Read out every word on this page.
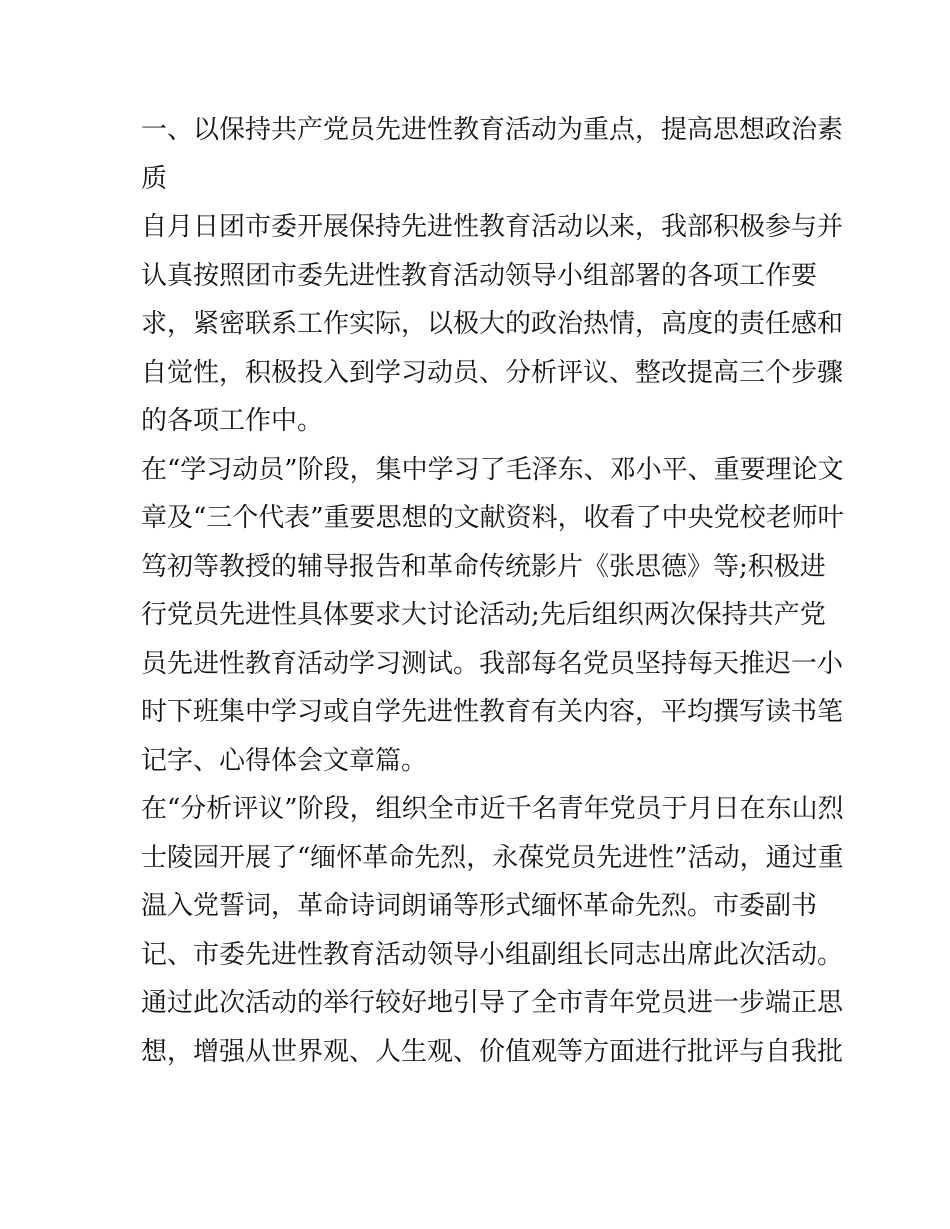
一、以保持共产党员先进性教育活动为重点，提高思想政治素
质
自月日团市委开展保持先进性教育活动以来，我部积极参与并
认真按照团市委先进性教育活动领导小组部署的各项工作要
求，紧密联系工作实际，以极大的政治热情，高度的责任感和
自觉性，积极投入到学习动员、分析评议、整改提高三个步骤
的各项工作中。
在“学习动员”阶段，集中学习了毛泽东、邓小平、重要理论文
章及“三个代表”重要思想的文献资料，收看了中央党校老师叶
笃初等教授的辅导报告和革命传统影片《张思德》等;积极进
行党员先进性具体要求大讨论活动;先后组织两次保持共产党
员先进性教育活动学习测试。我部每名党员坚持每天推迟一小
时下班集中学习或自学先进性教育有关内容，平均撰写读书笔
记字、心得体会文章篇。
在“分析评议”阶段，组织全市近千名青年党员于月日在东山烈
士陵园开展了“缅怀革命先烈，永葆党员先进性”活动，通过重
温入党誓词，革命诗词朗诵等形式缅怀革命先烈。市委副书
记、市委先进性教育活动领导小组副组长同志出席此次活动。
通过此次活动的举行较好地引导了全市青年党员进一步端正思
想，增强从世界观、人生观、价值观等方面进行批评与自我批
